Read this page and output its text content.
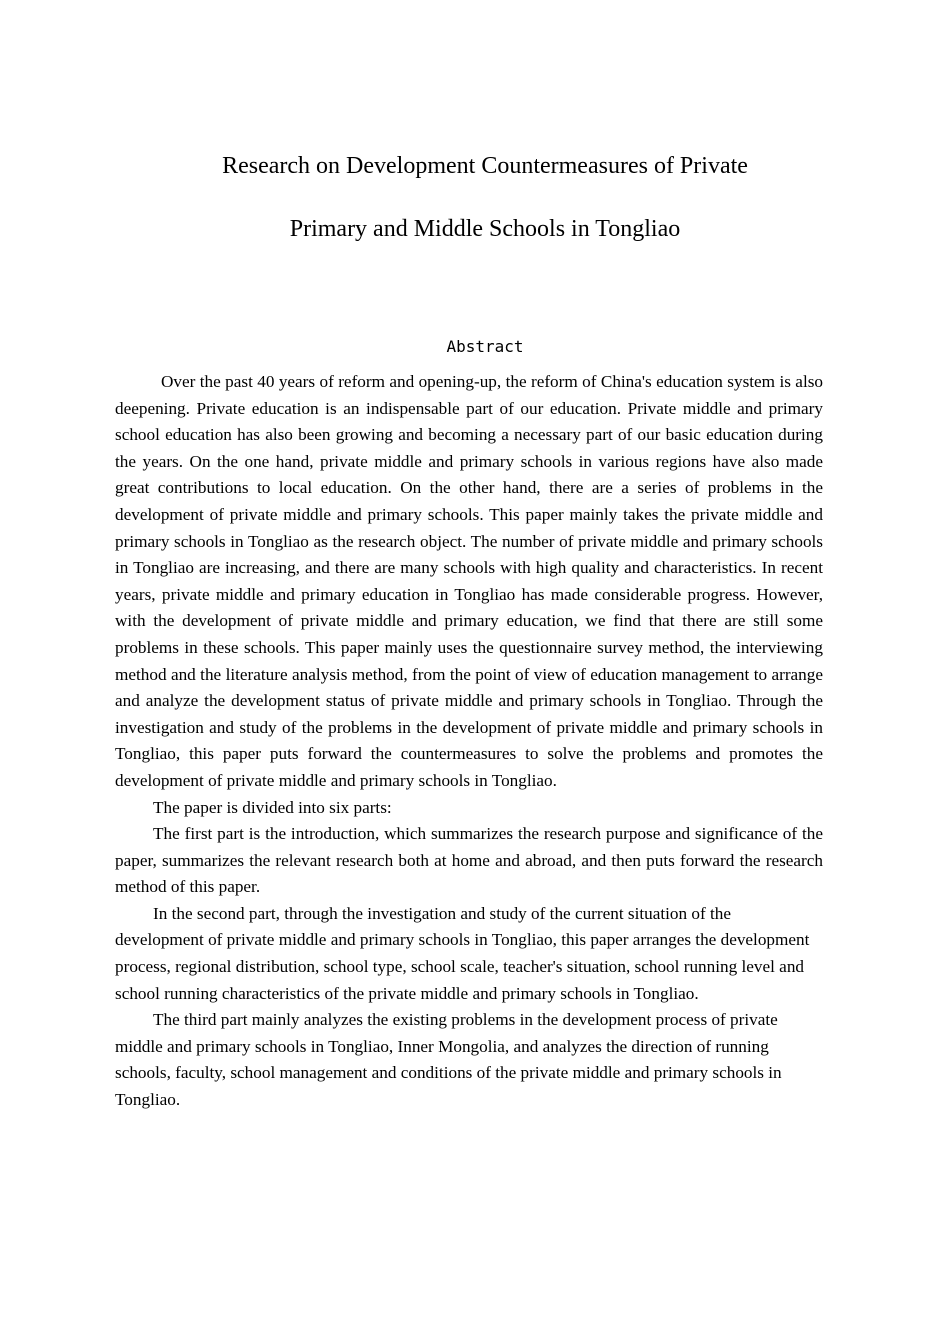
Research on Development Countermeasures of Private
Primary and Middle Schools in Tongliao
Abstract

Over the past 40 years of reform and opening-up, the reform of China's education system is also deepening. Private education is an indispensable part of our education. Private middle and primary school education has also been growing and becoming a necessary part of our basic education during the years. On the one hand, private middle and primary schools in various regions have also made great contributions to local education. On the other hand, there are a series of problems in the development of private middle and primary schools. This paper mainly takes the private middle and primary schools in Tongliao as the research object. The number of private middle and primary schools in Tongliao are increasing, and there are many schools with high quality and characteristics. In recent years, private middle and primary education in Tongliao has made considerable progress. However, with the development of private middle and primary education, we find that there are still some problems in these schools. This paper mainly uses the questionnaire survey method, the interviewing method and the literature analysis method, from the point of view of education management to arrange and analyze the development status of private middle and primary schools in Tongliao. Through the investigation and study of the problems in the development of private middle and primary schools in Tongliao, this paper puts forward the countermeasures to solve the problems and promotes the development of private middle and primary schools in Tongliao.

The paper is divided into six parts:

The first part is the introduction, which summarizes the research purpose and significance of the paper, summarizes the relevant research both at home and abroad, and then puts forward the research method of this paper.

In the second part, through the investigation and study of the current situation of the development of private middle and primary schools in Tongliao, this paper arranges the development process, regional distribution, school type, school scale, teacher's situation, school running level and school running characteristics of the private middle and primary schools in Tongliao.

The third part mainly analyzes the existing problems in the development process of private middle and primary schools in Tongliao, Inner Mongolia, and analyzes the direction of running schools, faculty, school management and conditions of the private middle and primary schools in Tongliao.
